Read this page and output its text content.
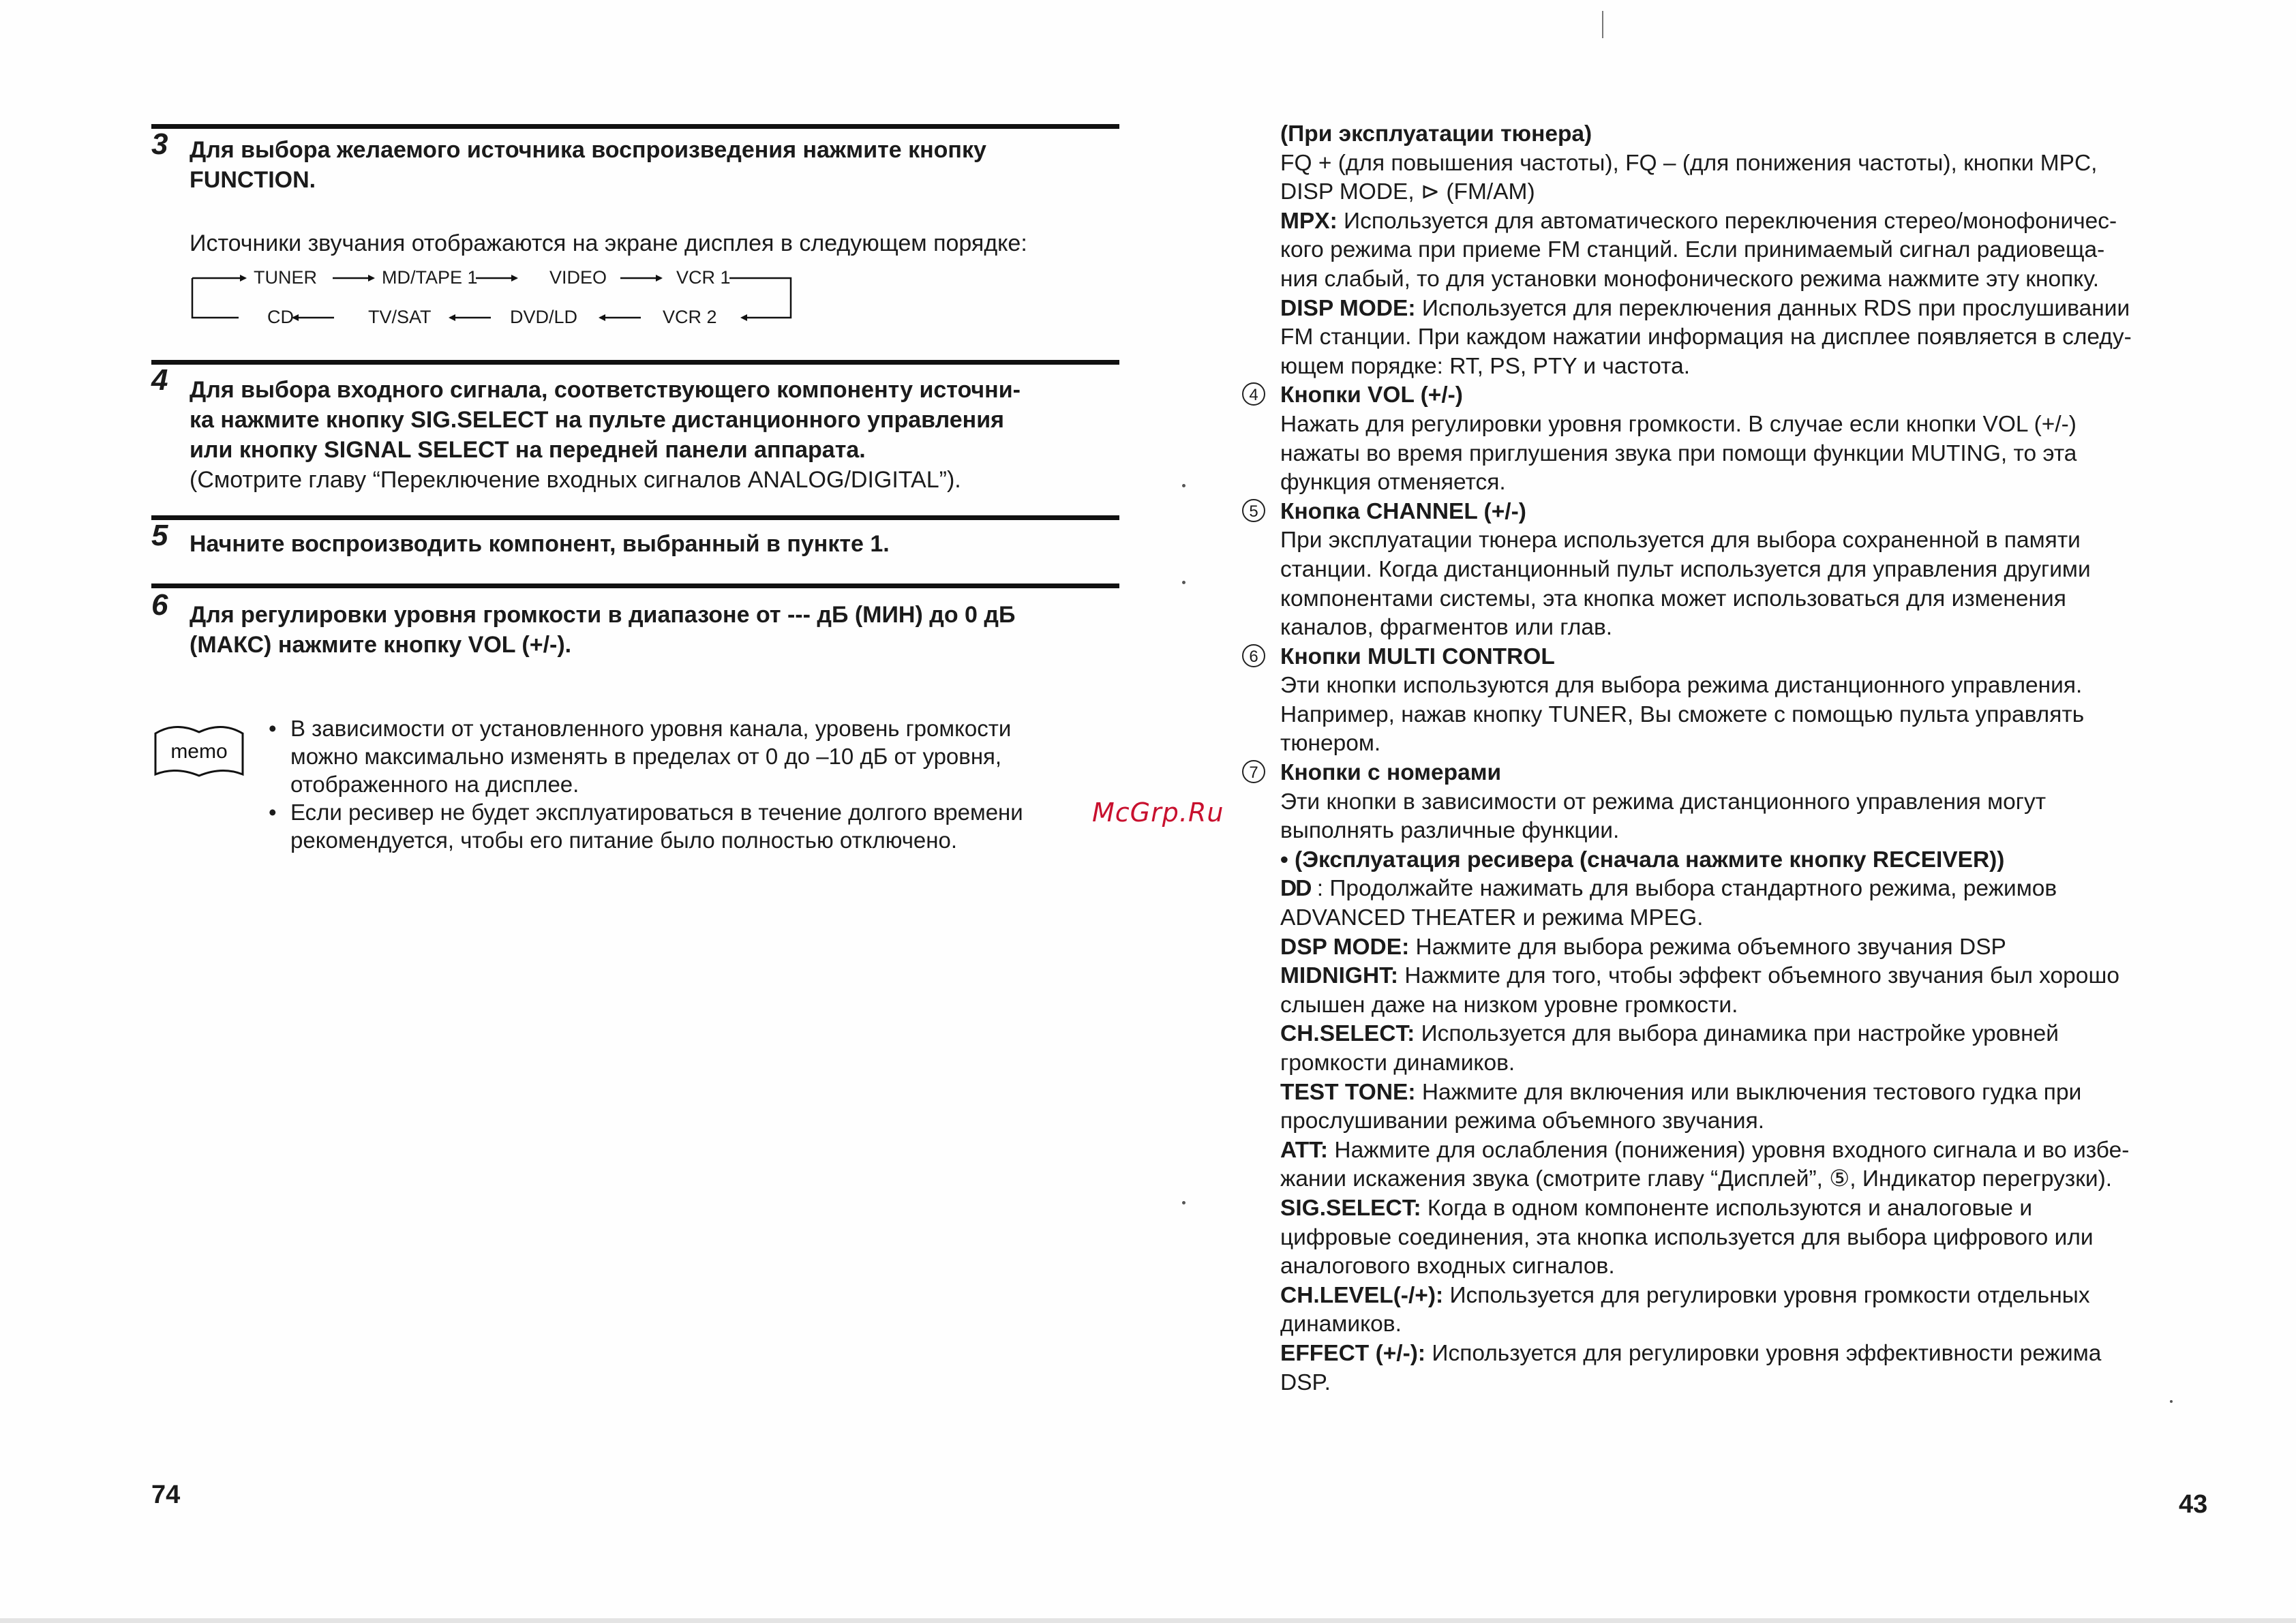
3 Для выбора желаемого источника воспроизведения нажмите кнопку
FUNCTION.
Источники звучания отображаются на экране дисплея в следующем порядке:
TUNER	MD/TAPE 1	VIDEO	VCR 1
CD	TV/SAT	DVD/LD	VCR 2
4 Для выбора входного сигнала, соответствующего компоненту источни-
ка нажмите кнопку SIG.SELECT на пульте дистанционного управления
или кнопку SIGNAL SELECT на передней панели аппарата.
(Смотрите главу “Переключение входных сигналов ANALOG/DIGITAL”).
5 Начните воспроизводить компонент, выбранный в пункте 1.
6 Для регулировки уровня громкости в диапазоне от --- дБ (МИН) до 0 дБ
(МАКС) нажмите кнопку VOL (+/-).
memo
• В зависимости от установленного уровня канала, уровень громкости
можно максимально изменять в пределах от 0 до –10 дБ от уровня,
отображенного на дисплее.
• Если ресивер не будет эксплуатироваться в течение долгого времени
рекомендуется, чтобы его питание было полностью отключено.
74
McGrp.Ru
(При эксплуатации тюнера)
FQ + (для повышения частоты), FQ – (для понижения частоты), кнопки MPC,
DISP MODE, ⊳ (FM/AM)
MPX: Используется для автоматического переключения стерео/монофоничес-
кого режима при приеме FM станций. Если принимаемый сигнал радиовеща-
ния слабый, то для установки монофонического режима нажмите эту кнопку.
DISP MODE: Используется для переключения данных RDS при прослушивании
FM станции. При каждом нажатии информация на дисплее появляется в следу-
ющем порядке: RT, PS, PTY и частота.
4 Кнопки VOL (+/-)
Нажать для регулировки уровня громкости. В случае если кнопки VOL (+/-)
нажаты во время приглушения звука при помощи функции MUTING, то эта
функция отменяется.
5 Кнопка CHANNEL (+/-)
При эксплуатации тюнера используется для выбора сохраненной в памяти
станции. Когда дистанционный пульт используется для управления другими
компонентами системы, эта кнопка может использоваться для изменения
каналов, фрагментов или глав.
6 Кнопки MULTI CONTROL
Эти кнопки используются для выбора режима дистанционного управления.
Например, нажав кнопку TUNER, Вы сможете с помощью пульта управлять
тюнером.
7 Кнопки с номерами
Эти кнопки в зависимости от режима дистанционного управления могут
выполнять различные функции.
• (Эксплуатация ресивера (сначала нажмите кнопку RECEIVER))
DD : Продолжайте нажимать для выбора стандартного режима, режимов
ADVANCED THEATER и режима MPEG.
DSP MODE: Нажмите для выбора режима объемного звучания DSP
MIDNIGHT: Нажмите для того, чтобы эффект объемного звучания был хорошо
слышен даже на низком уровне громкости.
CH.SELECT: Используется для выбора динамика при настройке уровней
громкости динамиков.
TEST TONE: Нажмите для включения или выключения тестового гудка при
прослушивании режима объемного звучания.
ATT: Нажмите для ослабления (понижения) уровня входного сигнала и во избе-
жании искажения звука (смотрите главу “Дисплей”, ⑤, Индикатор перегрузки).
SIG.SELECT: Когда в одном компоненте используются и аналоговые и
цифровые соединения, эта кнопка используется для выбора цифрового или
аналогового входных сигналов.
CH.LEVEL(-/+): Используется для регулировки уровня громкости отдельных
динамиков.
EFFECT (+/-): Используется для регулировки уровня эффективности режима
DSP.
43
